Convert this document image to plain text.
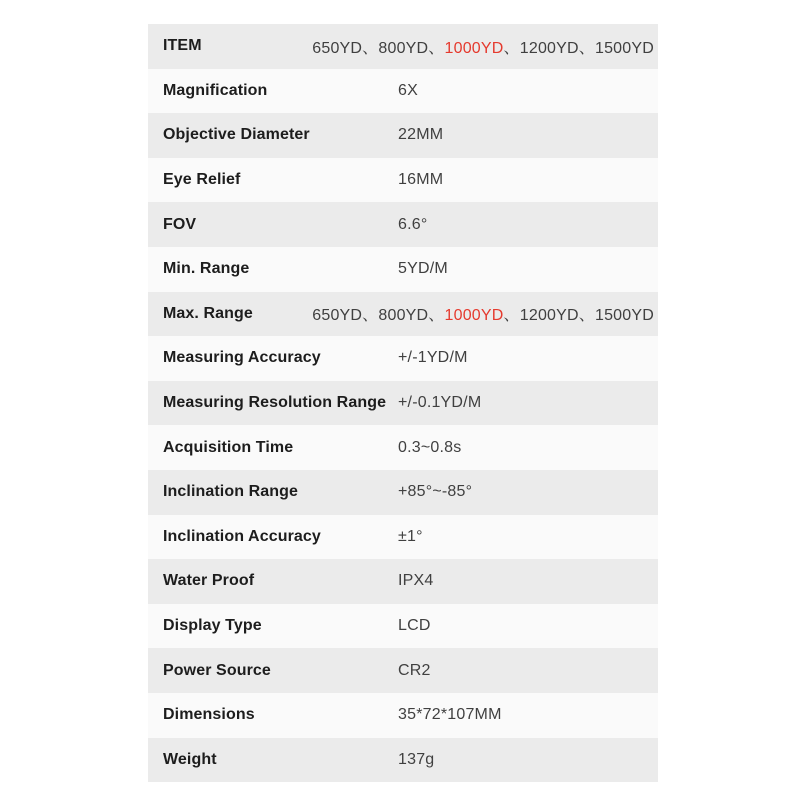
ITEM	650YD、800YD、1000YD、1200YD、1500YD
Magnification	6X
Objective Diameter	22MM
Eye Relief	16MM
FOV	6.6°
Min. Range	5YD/M
Max. Range	650YD、800YD、1000YD、1200YD、1500YD
Measuring Accuracy	+/-1YD/M
Measuring Resolution Range +/-0.1YD/M
Acquisition Time	0.3~0.8s
Inclination Range	+85°~-85°
Inclination Accuracy	±1°
Water Proof	IPX4
Display Type	LCD
Power Source	CR2
Dimensions	35*72*107MM
Weight	137g
